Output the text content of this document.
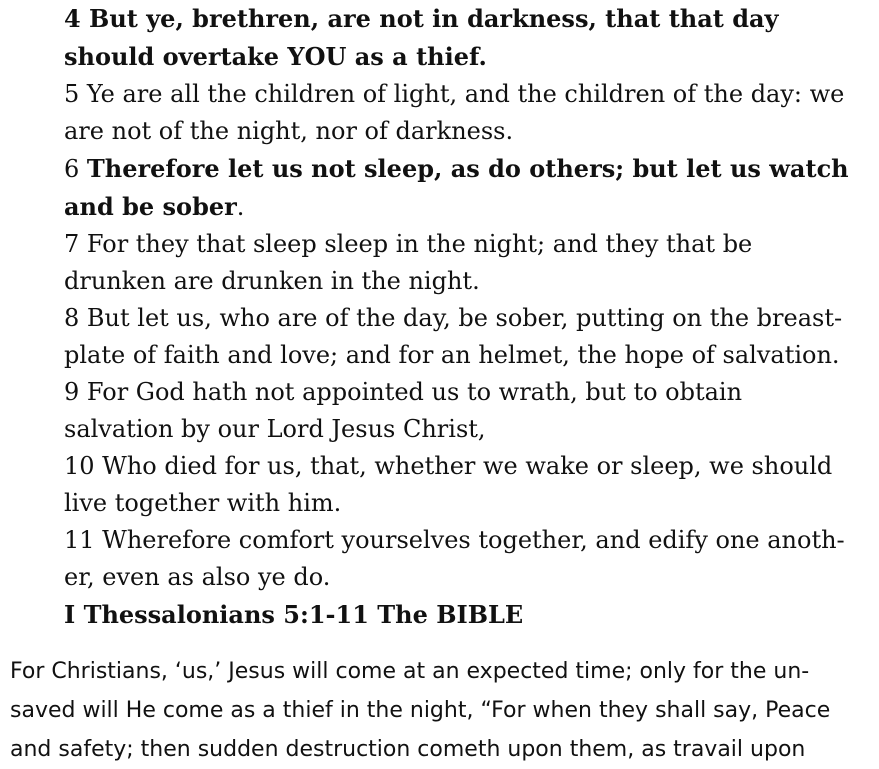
4 But ye, brethren, are not in darkness, that that day should overtake YOU as a thief.
5 Ye are all the children of light, and the children of the day: we are not of the night, nor of darkness.
6 Therefore let us not sleep, as do others; but let us watch and be sober.
7 For they that sleep sleep in the night; and they that be drunken are drunken in the night.
8 But let us, who are of the day, be sober, putting on the breast-plate of faith and love; and for an helmet, the hope of salvation.
9 For God hath not appointed us to wrath, but to obtain salvation by our Lord Jesus Christ,
10 Who died for us, that, whether we wake or sleep, we should live together with him.
11 Wherefore comfort yourselves together, and edify one anoth-er, even as also ye do.
I Thessalonians 5:1-11 The BIBLE
For Christians, ‘us,’ Jesus will come at an expected time; only for the un-
saved will He come as a thief in the night, “For when they shall say, Peace
and safety; then sudden destruction cometh upon them, as travail upon
